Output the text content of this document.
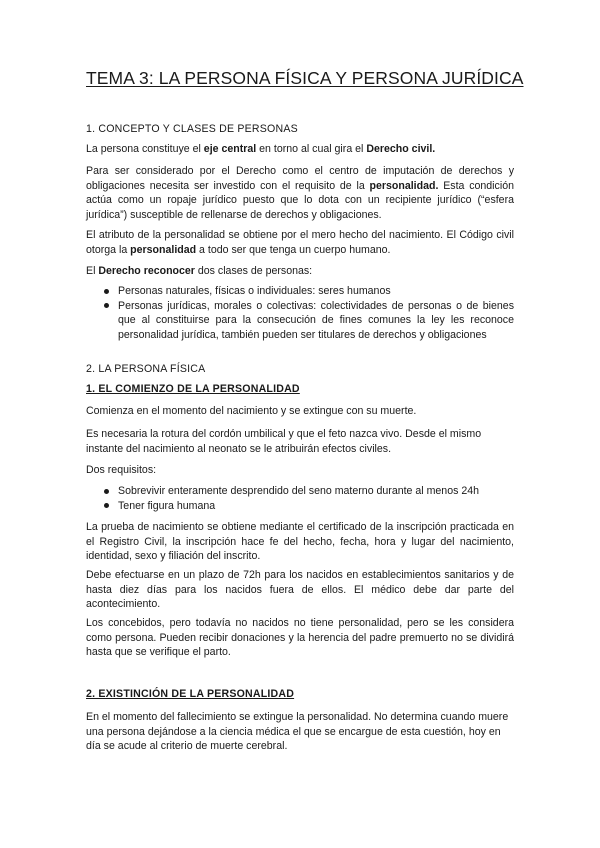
TEMA 3: LA PERSONA FÍSICA Y PERSONA JURÍDICA
1. CONCEPTO Y CLASES DE PERSONAS

La persona constituye el eje central en torno al cual gira el Derecho civil.

Para ser considerado por el Derecho como el centro de imputación de derechos y obligaciones necesita ser investido con el requisito de la personalidad. Esta condición actúa como un ropaje jurídico puesto que lo dota con un recipiente jurídico (“esfera jurídica”) susceptible de rellenarse de derechos y obligaciones.

El atributo de la personalidad se obtiene por el mero hecho del nacimiento. El Código civil otorga la personalidad a todo ser que tenga un cuerpo humano.

El Derecho reconocer dos clases de personas:

Personas naturales, físicas o individuales: seres humanos
Personas jurídicas, morales o colectivas: colectividades de personas o de bienes que al constituirse para la consecución de fines comunes la ley les reconoce personalidad jurídica, también pueden ser titulares de derechos y obligaciones
2. LA PERSONA FÍSICA
1. EL COMIENZO DE LA PERSONALIDAD
Comienza en el momento del nacimiento y se extingue con su muerte.
Es necesaria la rotura del cordón umbilical y que el feto nazca vivo. Desde el mismo instante del nacimiento al neonato se le atribuirán efectos civiles.
Dos requisitos:
Sobrevivir enteramente desprendido del seno materno durante al menos 24h
Tener figura humana
La prueba de nacimiento se obtiene mediante el certificado de la inscripción practicada en el Registro Civil, la inscripción hace fe del hecho, fecha, hora y lugar del nacimiento, identidad, sexo y filiación del inscrito.
Debe efectuarse en un plazo de 72h para los nacidos en establecimientos sanitarios y de hasta diez días para los nacidos fuera de ellos. El médico debe dar parte del acontecimiento.
Los concebidos, pero todavía no nacidos no tiene personalidad, pero se les considera como persona. Pueden recibir donaciones y la herencia del padre premuerto no se dividirá hasta que se verifique el parto.
2. EXISTINCIÓN DE LA PERSONALIDAD
En el momento del fallecimiento se extingue la personalidad. No determina cuando muere una persona dejándose a la ciencia médica el que se encargue de esta cuestión, hoy en día se acude al criterio de muerte cerebral.
